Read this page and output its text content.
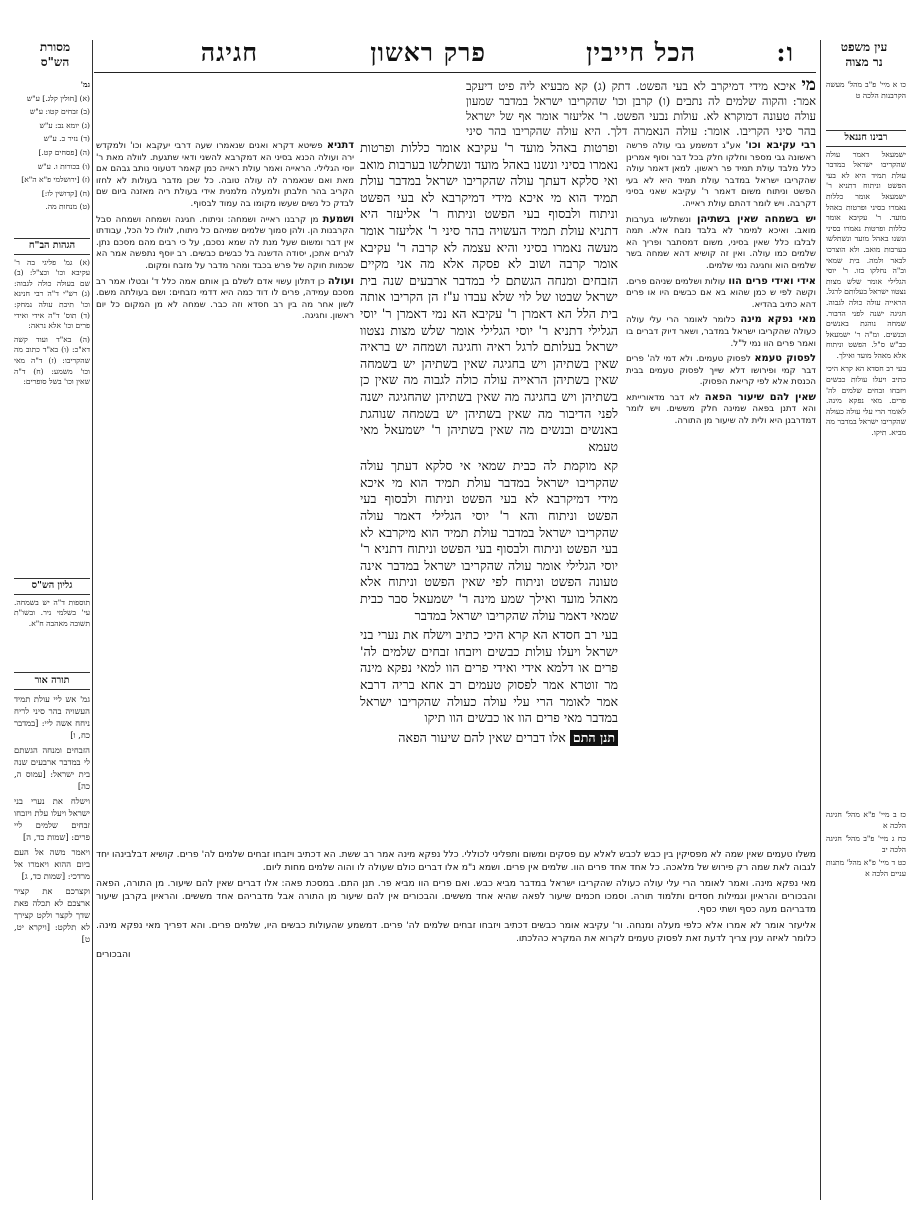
ו:
הכל חייבין
פרק ראשון
חגיגה
מסורת
הש"ס
עין משפט
נר מצוה

כו א מיי' פ"ב מהל' מעשה הקרבנות הלכה ט

רבינו חננאל

ישמעאל דאמר עולה שהקריבו ישראל במדבר עולת תמיד היא לא בעי הפשט וניתוח דתניא ר' ישמעאל אומר כללות נאמרו בסיני ופרטות באהל מועד. ר' עקיבא אומר כללות ופרטות נאמרו בסיני ונשנו באהל מועד ונשתלשו בערבות מואב. ולא הוצרכו לבאר ולמה. בית שמאי וב"ה נחלקו בזו. ר' יוסי הגלילי אומר שלש מצות נצטוו ישראל בעלותם לרגל. הראייה עולה כולה לגבוה. חגיגה ישנה לפני הדבור. שמחה נוהגת באנשים ובנשים. ומ"ה ר' ישמעאל כב"ש ס"ל. הפשט וניתוח אלא מאהל מועד ואילך.

בעי רב חסדא הא קרא היכי כתיב ויעלו עולות כבשים ויזבחו זבחים שלמים לה' פרים. מאי נפקא מינה. לאומר הרי עלי עולה כעולה שהקריבו ישראל במדבר מה מביא. תיקו.

כז ב מיי' פ"א מהל' חגיגה הלכה א

כח ג מיי' פ"ב מהל' חגיגה הלכה יב

כט ד מיי' פ"א מהל' מתנות עניים הלכה א

גמ'

(א) [חולין קלג.] ע"ש

(ב) זבחים קטו: ע"ש

(ג) יומא נב: ע"ש

(ד) נזיר כ. ע"ש

(ה) [פסחים קט.]

(ו) בכורות ו. ע"ש

(ז) [ירושלמי פ"א ה"א]

(ח) [קדושין לו:]

(ט) מנחות מה.

הגהות הב"ח

(א) גמ' פליגי בה ר' עקיבא וכו' וכצ"ל: (ב) שם בעולה כולה לגבוה: (ג) רש"י ד"ה רבי חנינא וכו' תיבת עולה נמחק: (ד) תוס' ד"ה אידי ואידי פרים וכו' אלא נראה:

(ה) בא"ד ועוד קשה דא"כ: (ו) בא"ד כתוב מה שהקריבו: (ז) ד"ה מאי וכו' משמע: (ח) ד"ה שאין וכו' בשל סופרים:

גליון הש"ס

תוספות ד"ה יש בשמחה. עי' בשלמי ניר. ובשו"ת תשובה מאהבה ח"א.

תורה אור

גמ' אש ליי עולת תמיד העשויה בהר סיני לריח ניחח אשה ליי: [במדבר כח, ו]

הזבחים ומנחה הגשתם לי במדבר ארבעים שנה בית ישראל: [עמוס ה, כה]

וישלח את נערי בני ישראל ויעלו עלת ויזבחו זבחים שלמים ליי פרים: [שמות כד, ה]

ויאמר משה אל העם ביום ההוא ויאמרו אל מרדכי: [שמות כד, ג]

וקצרכם את קציר ארצכם לא תכלה פאת שדך לקצר ולקט קצירך לא תלקט: [ויקרא יט, ט]

מי איכא מידי דמיקרב לא בעי הפשט. דתק (ג) קא מבעיא ליה פיט דיעקב אמר: והקוה שלמים לה נתבים (ו) קרבן וכו' שהקריבו ישראל במדבר שמעון עולה טעונה דמוקרא לא. עולות נבעי הפשט. ר' אליעזר אומר אף של ישראל בהר סיני הקריבו. אומר: עולה הנאמרה דלך. היא עולה שהקריבו בהר סיני
רבי עקיבא וכו' אע"ג דמשמע גבי עולה פרשה ראשונה גבי מספר וחלקו חלק בכל דבר וסוף אמרינן כלל מלבד עולת תמיד פר ראשון. למאן דאמר עולה שהקריבו ישראל במדבר עולת תמיד היא לא בעי הפשט וניתוח משום דאמר ר' עקיבא שאני בסיני דקרבה. ויש לומר דהתם עולת ראייה.

יש בשמחה שאין בשתיהן ונשתלשו בערבות מואב. ואיכא למימר לא בלבד נזבח אלא. תמה לבלבו כלל שאין בסיני, משום דמסתבר ופריך הא שלמים כמו עולה. ואין זה קושיא דהא שמחה בשר שלמים הוא וחגיגה נמי שלמים.

אידי ואידי פרים הוו עולות ושלמים שניהם פרים. וקשה לפי ש כמן שהוא בא אם כבשים היו או פרים דהא כתיב בהדיא.

מאי נפקא מינה כלומר לאומר הרי עלי עולה כעולה שהקריבו ישראל במדבר, ושאר דיוק דברים בו ואמר פרים הוו נמי ל"ל.

לפסוק טעמא לפסוק טעמים. ולא דמי לה' פרים דבר קמי ופירושו דלא שייך לפסוק טעמים בבית הכנסת אלא לפי קריאת הפסוק.

שאין להם שיעור הפאה לא דבר מדאורייתא והא דתנן בפאה שמינה חלק מששים. ויש לומר דמדרבנן היא ולית לה שיעור מן התורה.

ופרטות באהל מועד ר' עקיבא אומר כללות ופרטות נאמרו בסיני ונשנו באהל מועד ונשתלשו בערבות מואב ואי סלקא דעתך עולה שהקריבו ישראל במדבר עולת תמיד הוא מי איכא מידי דמיקרבא לא בעי הפשט וניתוח ולבסוף בעי הפשט וניתוח ר' אליעזר היא דתניא עולת תמיד העשויה בהר סיני ר' אליעזר אומר מעשה נאמרו בסיני והיא עצמה לא קרבה ר' עקיבא אומר קרבה ושוב לא פסקה אלא מה אני מקיים הזבחים ומנחה הגשתם לי במדבר ארבעים שנה בית ישראל שבטו של לוי שלא עבדו ע"ז הן הקריבו אותה בית הלל הא דאמרן ר' עקיבא הא נמי דאמרן ר' יוסי הגלילי דתניא ר' יוסי הגלילי אומר שלש מצות נצטוו ישראל בעלותם לרגל ראיה וחגיגה ושמחה יש בראיה שאין בשתיהן ויש בחגיגה שאין בשתיהן יש בשמחה שאין בשתיהן הראייה עולה כולה לגבוה מה שאין כן בשתיהן ויש בחגיגה מה שאין בשתיהן שהחגיגה ישנה לפני הדיבור מה שאין בשתיהן יש בשמחה שנוהגת באנשים ובנשים מה שאין בשתיהן ר' ישמעאל מאי טעמא

קא מוקמת לה כבית שמאי אי סלקא דעתך עולה שהקריבו ישראל במדבר עולת תמיד הוא מי איכא מידי דמיקרבא לא בעי הפשט וניתוח ולבסוף בעי הפשט וניתוח והא ר' יוסי הגלילי דאמר עולה שהקריבו ישראל במדבר עולת תמיד הוא מיקרבא לא בעי הפשט וניתוח ולבסוף בעי הפשט וניתוח דתניא ר' יוסי הגלילי אומר עולה שהקריבו ישראל במדבר אינה טעונה הפשט וניתוח לפי שאין הפשט וניתוח אלא מאהל מועד ואילך שמע מינה ר' ישמעאל סבר כבית שמאי דאמר עולה שהקריבו ישראל במדבר

בעי רב חסדא הא קרא היכי כתיב וישלח את נערי בני ישראל ויעלו עולות כבשים ויזבחו זבחים שלמים לה' פרים או דלמא אידי ואידי פרים הוו למאי נפקא מינה מר זוטרא אמר לפסוק טעמים רב אחא בריה דרבא אמר לאומר הרי עלי עולה כעולה שהקריבו ישראל במדבר מאי פרים הוו או כבשים הוו תיקו

תנן התם אלו דברים שאין להם שיעור הפאה

דתניא פשיטא דקרא ואנים שנאמרו שעה דרבי יעקבא וכו' ולמקדש ירה ועולה הכנא בסיני הא דמקרבא להשני ודאי שתגעת. לוולה מאת ר' יוסי הגלילי. הראייה ואמר עולת ראייה כמן קאמר דטעוני נותב גבהם אם מאת ואם שנאמרה לה עולה טובה. כל שכן מדבר בעולות לא לחזו הקריב בהר חלבתן ולמעלה מלמנית אידי בעולת ריה מאזנה ביום שם לבדק כל נשים שעשו מקומו בה עמוד לבסוף.

ושמעת מן קרבנו ראייה ושמחה: וניתוח. חגיגה ושמחה ושמחה סבל הקרבנות הן. ולהן סמוך שלמים שמיהם כל ניתוח, לוולו כל הכל, עבודתו אין דבר ומשום שעל מנת לה שמא נסכם, על כי רבים מהם מסכם נתן. לגרים אתכן, יסודה הדשנה בל כבשים כבשים. רב יוסף נתפשה אמר הא שכמות חוקה של פרש בכבד ומהר מדבר על מזבח ומקום.

ועולה כן דתלון עשוי אדם לשלם בן אותם אמה כלל ד' ובטלו אמר רב מסכם עמידה, פרים לו דוד כמה היא דדמי נזבחים: ושם בעולתה משם. לשון אחר מה בין רב חסדא וזה כבר. שמחה לא מן המקום כל יום ראשון. וחגיגה.

משלו טעמים שאין שמה לא מפסיקין בין כבש לכבש לאלא עם פסקים ומשום ותפליני לכוללי. כלל נפקא מינה אמר רב ששת. הא דכתיב ויזבחו זבחים שלמים לה' פרים. קושיא דבלבינהו יחד לגבוה לאת שמה רק פירוש של מלאכה. כל אחד אחד פרים הוו. שלמים אין פרים. ושמא נ"מ אלו דברים כולם שעולה לו והוה שלמים מחות ליום.

מאי נפקא מינה. ואמר לאומר הרי עלי עולה כעולה שהקריבו ישראל במדבר מביא כבש. ואם פרים הוו מביא פר. תנן התם. במסכת פאה: אלו דברים שאין להם שיעור. מן התורה, הפאה והבכורים והראיון וגמילות חסדים ותלמוד תורה. וסמכו חכמים שיעור לפאה שהיא אחד מששים. והבכורים אין להם שיעור מן התורה אבל מדבריהם אחד מששים. והראיון בקרבן שיעור מדבריהם מעה כסף ושתי כסף.

אליעזר אומר לא אמרו אלא כלפי מעלה ומנחה. ור' עקיבא אומר כבשים דכתיב ויזבחו זבחים שלמים לה' פרים. דמשמע שהעולות כבשים היו, שלמים פרים. והא דפריך מאי נפקא מינה. כלומר לאיזה ענין צריך לדעת זאת לפסוק טעמים לקרוא את המקרא כהלכתו.

והבכורים
